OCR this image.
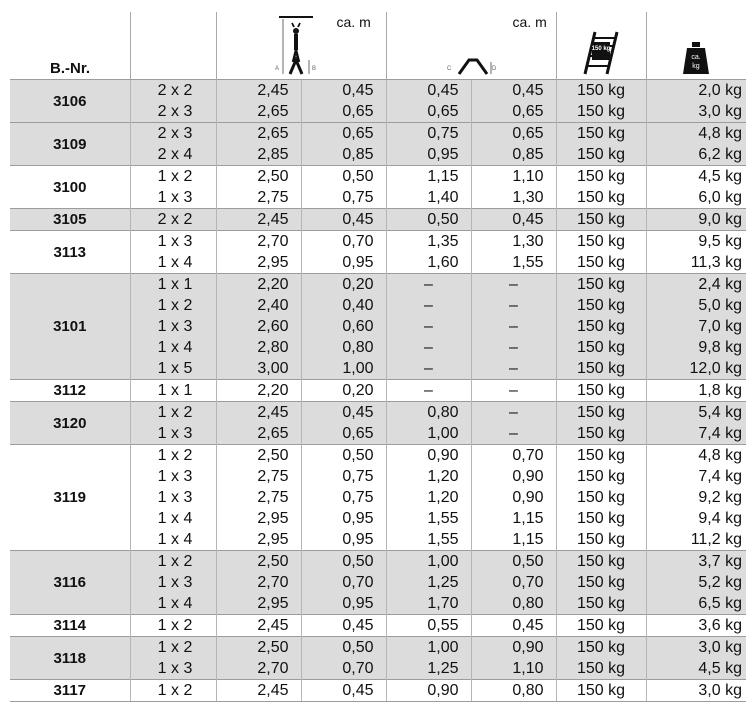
B.-Nr.		A B
ca. m		C D
ca. m		150 kg	ca.
kg

3106	2 x 2	2,45	0,45	0,45	0,45	150 kg	2,0 kg
	2 x 3	2,65	0,65	0,65	0,65	150 kg	3,0 kg
3109	2 x 3	2,65	0,65	0,75	0,65	150 kg	4,8 kg
	2 x 4	2,85	0,85	0,95	0,85	150 kg	6,2 kg
3100	1 x 2	2,50	0,50	1,15	1,10	150 kg	4,5 kg
	1 x 3	2,75	0,75	1,40	1,30	150 kg	6,0 kg
3105	2 x 2	2,45	0,45	0,50	0,45	150 kg	9,0 kg
3113	1 x 3	2,70	0,70	1,35	1,30	150 kg	9,5 kg
	1 x 4	2,95	0,95	1,60	1,55	150 kg	11,3 kg
3101	1 x 1	2,20	0,20	–	–	150 kg	2,4 kg
	1 x 2	2,40	0,40	–	–	150 kg	5,0 kg
	1 x 3	2,60	0,60	–	–	150 kg	7,0 kg
	1 x 4	2,80	0,80	–	–	150 kg	9,8 kg
	1 x 5	3,00	1,00	–	–	150 kg	12,0 kg
3112	1 x 1	2,20	0,20	–	–	150 kg	1,8 kg
3120	1 x 2	2,45	0,45	0,80	–	150 kg	5,4 kg
	1 x 3	2,65	0,65	1,00	–	150 kg	7,4 kg
3119	1 x 2	2,50	0,50	0,90	0,70	150 kg	4,8 kg
	1 x 3	2,75	0,75	1,20	0,90	150 kg	7,4 kg
	1 x 3	2,75	0,75	1,20	0,90	150 kg	9,2 kg
	1 x 4	2,95	0,95	1,55	1,15	150 kg	9,4 kg
	1 x 4	2,95	0,95	1,55	1,15	150 kg	11,2 kg
3116	1 x 2	2,50	0,50	1,00	0,50	150 kg	3,7 kg
	1 x 3	2,70	0,70	1,25	0,70	150 kg	5,2 kg
	1 x 4	2,95	0,95	1,70	0,80	150 kg	6,5 kg
3114	1 x 2	2,45	0,45	0,55	0,45	150 kg	3,6 kg
3118	1 x 2	2,50	0,50	1,00	0,90	150 kg	3,0 kg
	1 x 3	2,70	0,70	1,25	1,10	150 kg	4,5 kg
3117	1 x 2	2,45	0,45	0,90	0,80	150 kg	3,0 kg
